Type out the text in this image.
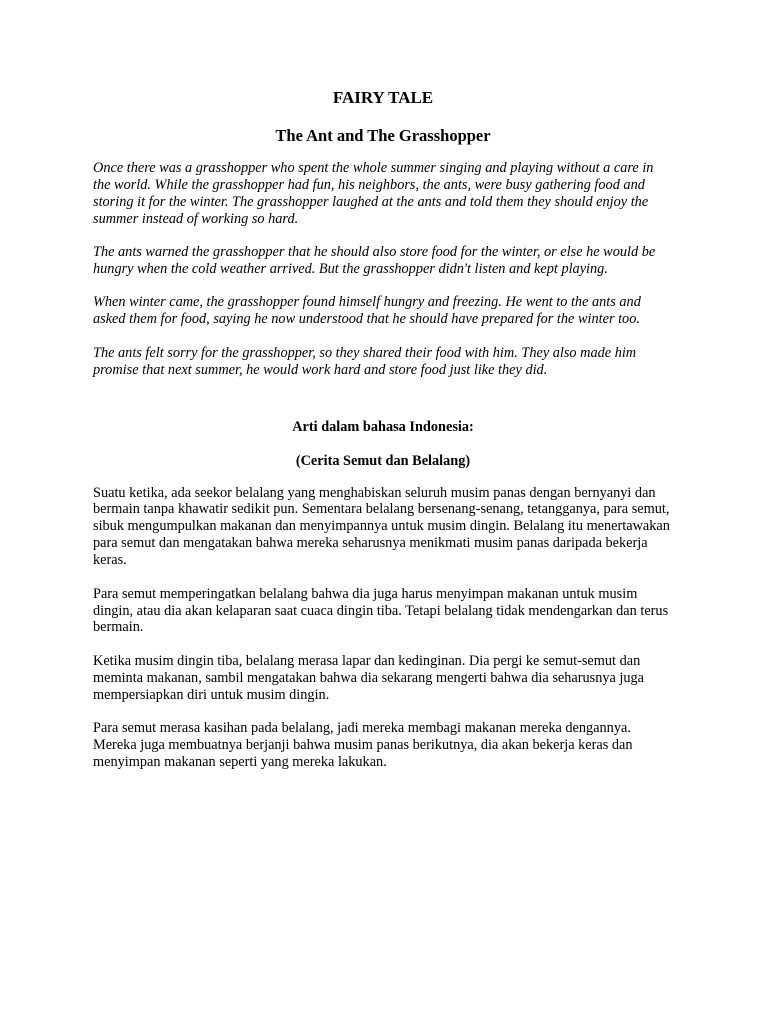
FAIRY TALE
The Ant and The Grasshopper

Once there was a grasshopper who spent the whole summer singing and playing without a care in the world. While the grasshopper had fun, his neighbors, the ants, were busy gathering food and storing it for the winter. The grasshopper laughed at the ants and told them they should enjoy the summer instead of working so hard.

The ants warned the grasshopper that he should also store food for the winter, or else he would be hungry when the cold weather arrived. But the grasshopper didn't listen and kept playing.

When winter came, the grasshopper found himself hungry and freezing. He went to the ants and asked them for food, saying he now understood that he should have prepared for the winter too.

The ants felt sorry for the grasshopper, so they shared their food with him. They also made him promise that next summer, he would work hard and store food just like they did.

Arti dalam bahasa Indonesia:
(Cerita Semut dan Belalang)

Suatu ketika, ada seekor belalang yang menghabiskan seluruh musim panas dengan bernyanyi dan bermain tanpa khawatir sedikit pun. Sementara belalang bersenang-senang, tetangganya, para semut, sibuk mengumpulkan makanan dan menyimpannya untuk musim dingin. Belalang itu menertawakan para semut dan mengatakan bahwa mereka seharusnya menikmati musim panas daripada bekerja keras.

Para semut memperingatkan belalang bahwa dia juga harus menyimpan makanan untuk musim dingin, atau dia akan kelaparan saat cuaca dingin tiba. Tetapi belalang tidak mendengarkan dan terus bermain.

Ketika musim dingin tiba, belalang merasa lapar dan kedinginan. Dia pergi ke semut-semut dan meminta makanan, sambil mengatakan bahwa dia sekarang mengerti bahwa dia seharusnya juga mempersiapkan diri untuk musim dingin.

Para semut merasa kasihan pada belalang, jadi mereka membagi makanan mereka dengannya. Mereka juga membuatnya berjanji bahwa musim panas berikutnya, dia akan bekerja keras dan menyimpan makanan seperti yang mereka lakukan.
